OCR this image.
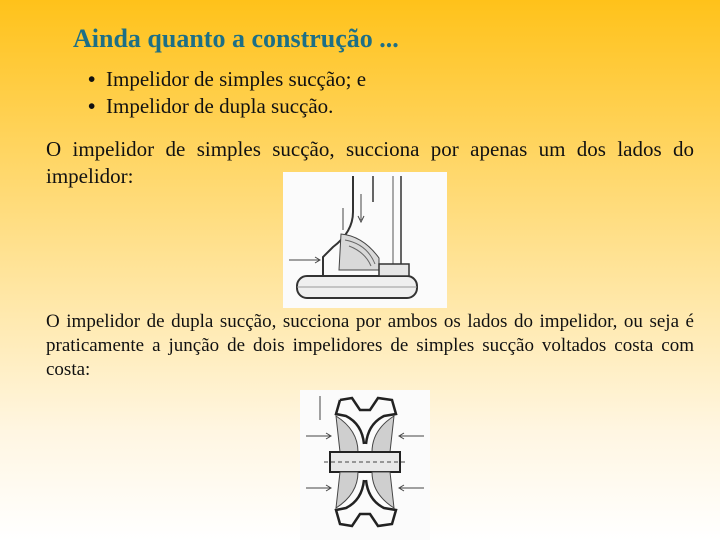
Ainda quanto a construção ...
• Impelidor de simples sucção; e
• Impelidor de dupla sucção.

O impelidor de simples sucção, succiona por apenas um dos lados do impelidor:

O impelidor de dupla sucção, succiona por ambos os lados do impelidor, ou seja é praticamente a junção de dois impelidores de simples sucção voltados costa com costa:
